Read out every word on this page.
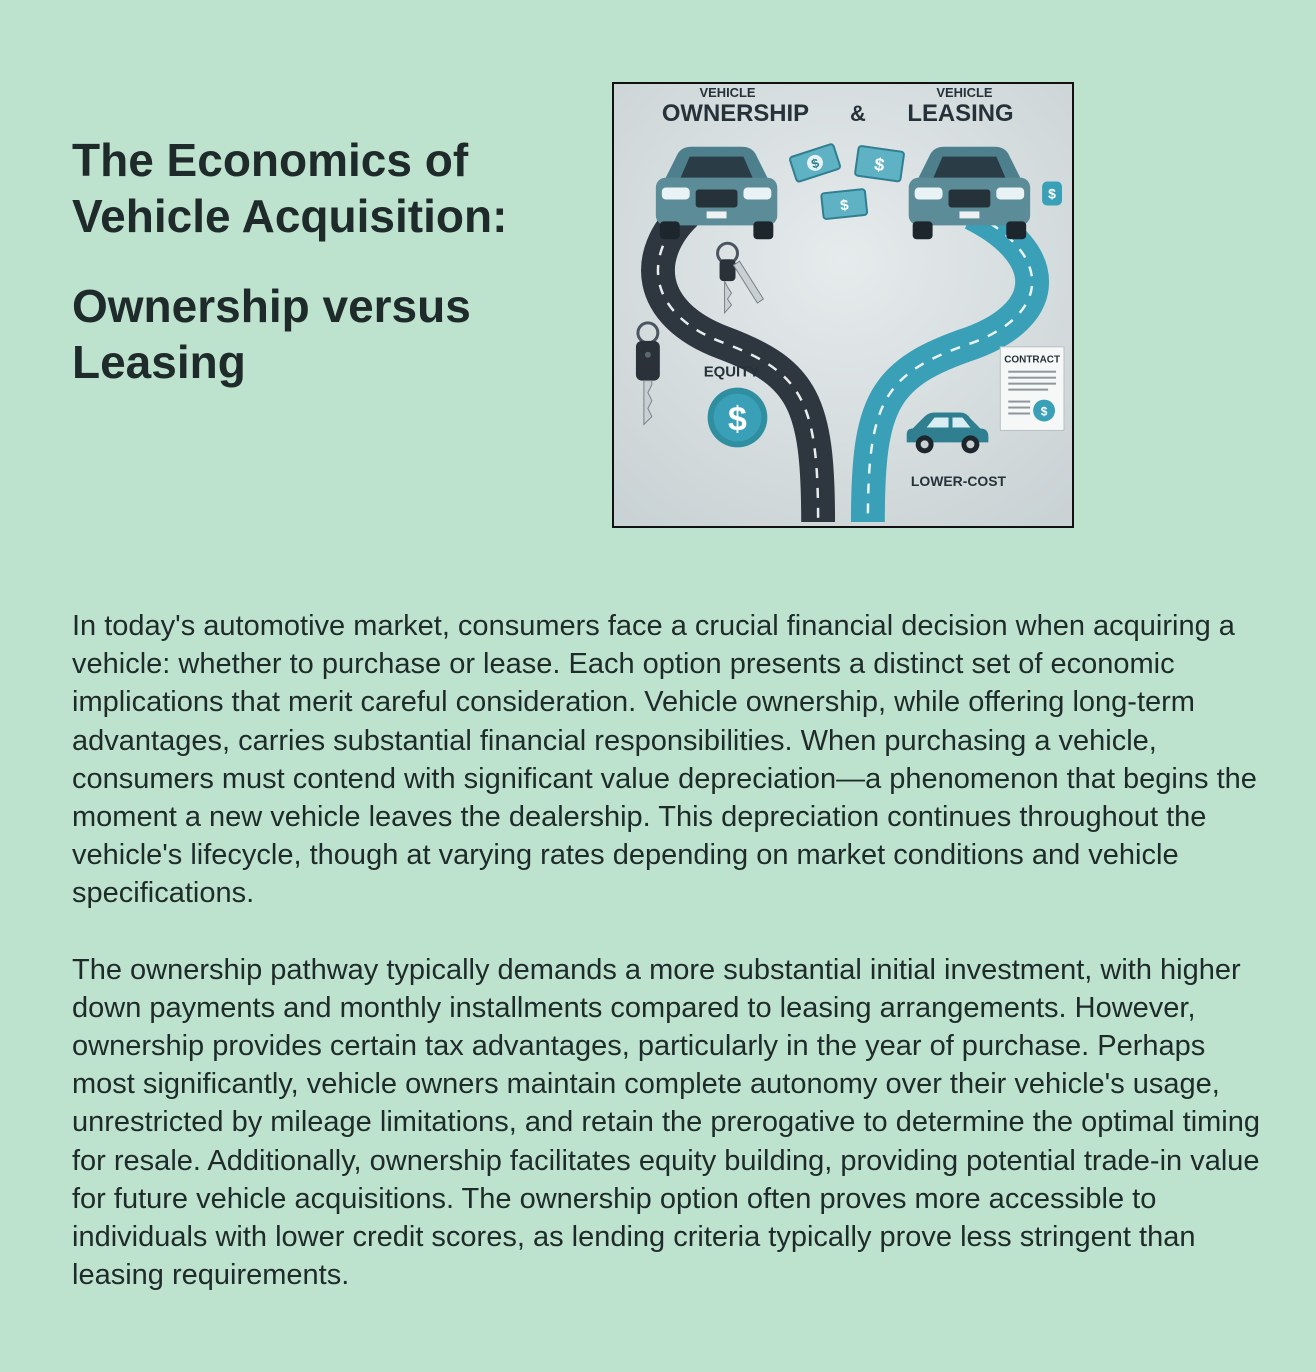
The Economics of Vehicle Acquisition:
Ownership versus Leasing
VEHICLE
OWNERSHIP &
VEHICLE
LEASING
$	$
$
$
EQUITY
$
CONTRACT
$
LOWER-COST

In today's automotive market, consumers face a crucial financial decision when acquiring a vehicle: whether to purchase or lease. Each option presents a distinct set of economic implications that merit careful consideration. Vehicle ownership, while offering long-term advantages, carries substantial financial responsibilities. When purchasing a vehicle, consumers must contend with significant value depreciation—a phenomenon that begins the moment a new vehicle leaves the dealership. This depreciation continues throughout the vehicle's lifecycle, though at varying rates depending on market conditions and vehicle specifications.

The ownership pathway typically demands a more substantial initial investment, with higher down payments and monthly installments compared to leasing arrangements. However, ownership provides certain tax advantages, particularly in the year of purchase. Perhaps most significantly, vehicle owners maintain complete autonomy over their vehicle's usage, unrestricted by mileage limitations, and retain the prerogative to determine the optimal timing for resale. Additionally, ownership facilitates equity building, providing potential trade-in value for future vehicle acquisitions. The ownership option often proves more accessible to individuals with lower credit scores, as lending criteria typically prove less stringent than leasing requirements.
